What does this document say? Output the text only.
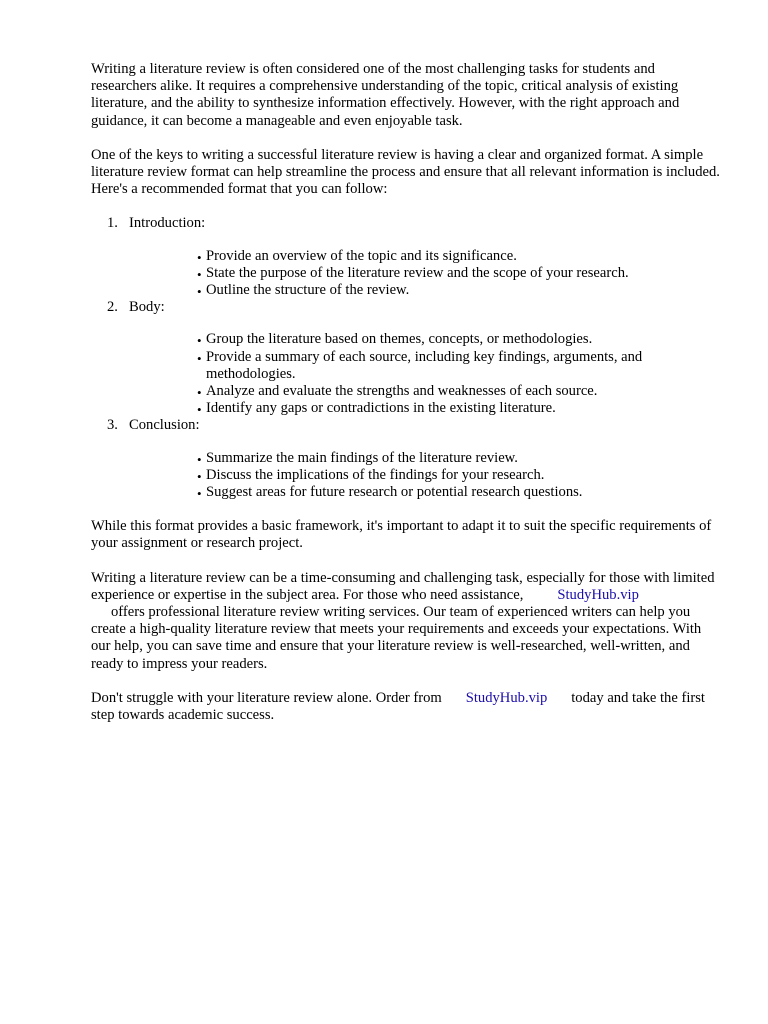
Writing a literature review is often considered one of the most challenging tasks for students and researchers alike. It requires a comprehensive understanding of the topic, critical analysis of existing literature, and the ability to synthesize information effectively. However, with the right approach and guidance, it can become a manageable and even enjoyable task.

One of the keys to writing a successful literature review is having a clear and organized format. A simple literature review format can help streamline the process and ensure that all relevant information is included. Here's a recommended format that you can follow:

1. Introduction:
• Provide an overview of the topic and its significance.
• State the purpose of the literature review and the scope of your research.
• Outline the structure of the review.
2. Body:
• Group the literature based on themes, concepts, or methodologies.
• Provide a summary of each source, including key findings, arguments, and methodologies.
• Analyze and evaluate the strengths and weaknesses of each source.
• Identify any gaps or contradictions in the existing literature.
3. Conclusion:
• Summarize the main findings of the literature review.
• Discuss the implications of the findings for your research.
• Suggest areas for future research or potential research questions.

While this format provides a basic framework, it's important to adapt it to suit the specific requirements of your assignment or research project.

Writing a literature review can be a time-consuming and challenging task, especially for those with limited experience or expertise in the subject area. For those who need assistance, StudyHub.vip
offers professional literature review writing services. Our team of experienced writers can help you create a high-quality literature review that meets your requirements and exceeds your expectations. With our help, you can save time and ensure that your literature review is well-researched, well-written, and ready to impress your readers.

Don't struggle with your literature review alone. Order from StudyHub.vip today and take the first step towards academic success.
